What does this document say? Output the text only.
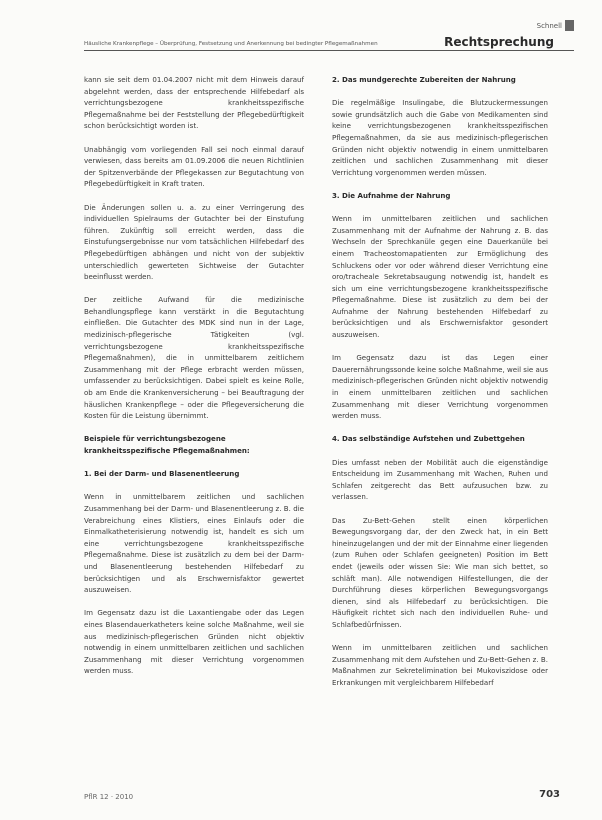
Schnell
Häusliche Krankenpflege – Überprüfung, Festsetzung und Anerkennung bei bedingter Pflegemaßnahmen	Rechtsprechung

kann sie seit dem 01.04.2007 nicht mit dem Hinweis darauf abgelehnt werden, dass der entsprechende Hilfebedarf als verrichtungsbezogene krankheitsspezifische Pflegemaßnahme bei der Feststellung der Pflegebedürftigkeit schon berücksichtigt worden ist.

Unabhängig vom vorliegenden Fall sei noch einmal darauf verwiesen, dass bereits am 01.09.2006 die neuen Richtlinien der Spitzenverbände der Pflegekassen zur Begutachtung von Pflegebedürftigkeit in Kraft traten.

Die Änderungen sollen u. a. zu einer Verringerung des individuellen Spielraums der Gutachter bei der Einstufung führen. Zukünftig soll erreicht werden, dass die Einstufungsergebnisse nur vom tatsächlichen Hilfebedarf des Pflegebedürftigen abhängen und nicht von der subjektiv unterschiedlich gewerteten Sichtweise der Gutachter beeinflusst werden.

Der zeitliche Aufwand für die medizinische Behandlungspflege kann verstärkt in die Begutachtung einfließen. Die Gutachter des MDK sind nun in der Lage, medizinisch-pflegerische Tätigkeiten (vgl. verrichtungsbezogene krankheitsspezifische Pflegemaßnahmen), die in unmittelbarem zeitlichem Zusammenhang mit der Pflege erbracht werden müssen, umfassender zu berücksichtigen. Dabei spielt es keine Rolle, ob am Ende die Krankenversicherung – bei Beauftragung der häuslichen Krankenpflege – oder die Pflegeversicherung die Kosten für die Leistung übernimmt.

Beispiele für verrichtungsbezogene krankheitsspezifische Pflegemaßnahmen:

1. Bei der Darm- und Blasenentleerung

Wenn in unmittelbarem zeitlichen und sachlichen Zusammenhang bei der Darm- und Blasenentleerung z. B. die Verabreichung eines Klistiers, eines Einlaufs oder die Einmalkatheterisierung notwendig ist, handelt es sich um eine verrichtungsbezogene krankheitsspezifische Pflegemaßnahme. Diese ist zusätzlich zu dem bei der Darm- und Blasenentleerung bestehenden Hilfebedarf zu berücksichtigen und als Erschwernisfaktor gewertet auszuweisen.

Im Gegensatz dazu ist die Laxantiengabe oder das Legen eines Blasendauerkatheters keine solche Maßnahme, weil sie aus medizinisch-pflegerischen Gründen nicht objektiv notwendig in einem unmittelbaren zeitlichen und sachlichen Zusammenhang mit dieser Verrichtung vorgenommen werden muss.

2. Das mundgerechte Zubereiten der Nahrung

Die regelmäßige Insulingabe, die Blutzuckermessungen sowie grundsätzlich auch die Gabe von Medikamenten sind keine verrichtungsbezogenen krankheitsspezifischen Pflegemaßnahmen, da sie aus medizinisch-pflegerischen Gründen nicht objektiv notwendig in einem unmittelbaren zeitlichen und sachlichen Zusammenhang mit dieser Verrichtung vorgenommen werden müssen.

3. Die Aufnahme der Nahrung

Wenn im unmittelbaren zeitlichen und sachlichen Zusammenhang mit der Aufnahme der Nahrung z. B. das Wechseln der Sprechkanüle gegen eine Dauerkanüle bei einem Tracheostomapatienten zur Ermöglichung des Schluckens oder vor oder während dieser Verrichtung eine oro/tracheale Sekretabsaugung notwendig ist, handelt es sich um eine verrichtungsbezogene krankheitsspezifische Pflegemaßnahme. Diese ist zusätzlich zu dem bei der Aufnahme der Nahrung bestehenden Hilfebedarf zu berücksichtigen und als Erschwernisfaktor gesondert auszuweisen.

Im Gegensatz dazu ist das Legen einer Dauerernährungssonde keine solche Maßnahme, weil sie aus medizinisch-pflegerischen Gründen nicht objektiv notwendig in einem unmittelbaren zeitlichen und sachlichen Zusammenhang mit dieser Verrichtung vorgenommen werden muss.

4. Das selbständige Aufstehen und Zubettgehen

Dies umfasst neben der Mobilität auch die eigenständige Entscheidung im Zusammenhang mit Wachen, Ruhen und Schlafen zeitgerecht das Bett aufzusuchen bzw. zu verlassen.

Das Zu-Bett-Gehen stellt einen körperlichen Bewegungsvorgang dar, der den Zweck hat, in ein Bett hineinzugelangen und der mit der Einnahme einer liegenden (zum Ruhen oder Schlafen geeigneten) Position im Bett endet (jeweils oder wissen Sie: Wie man sich bettet, so schläft man). Alle notwendigen Hilfestellungen, die der Durchführung dieses körperlichen Bewegungsvorgangs dienen, sind als Hilfebedarf zu berücksichtigen. Die Häufigkeit richtet sich nach den individuellen Ruhe- und Schlafbedürfnissen.

Wenn im unmittelbaren zeitlichen und sachlichen Zusammenhang mit dem Aufstehen und Zu-Bett-Gehen z. B. Maßnahmen zur Sekretelimination bei Mukoviszidose oder Erkrankungen mit vergleichbarem Hilfebedarf

PflR 12 · 2010	703
